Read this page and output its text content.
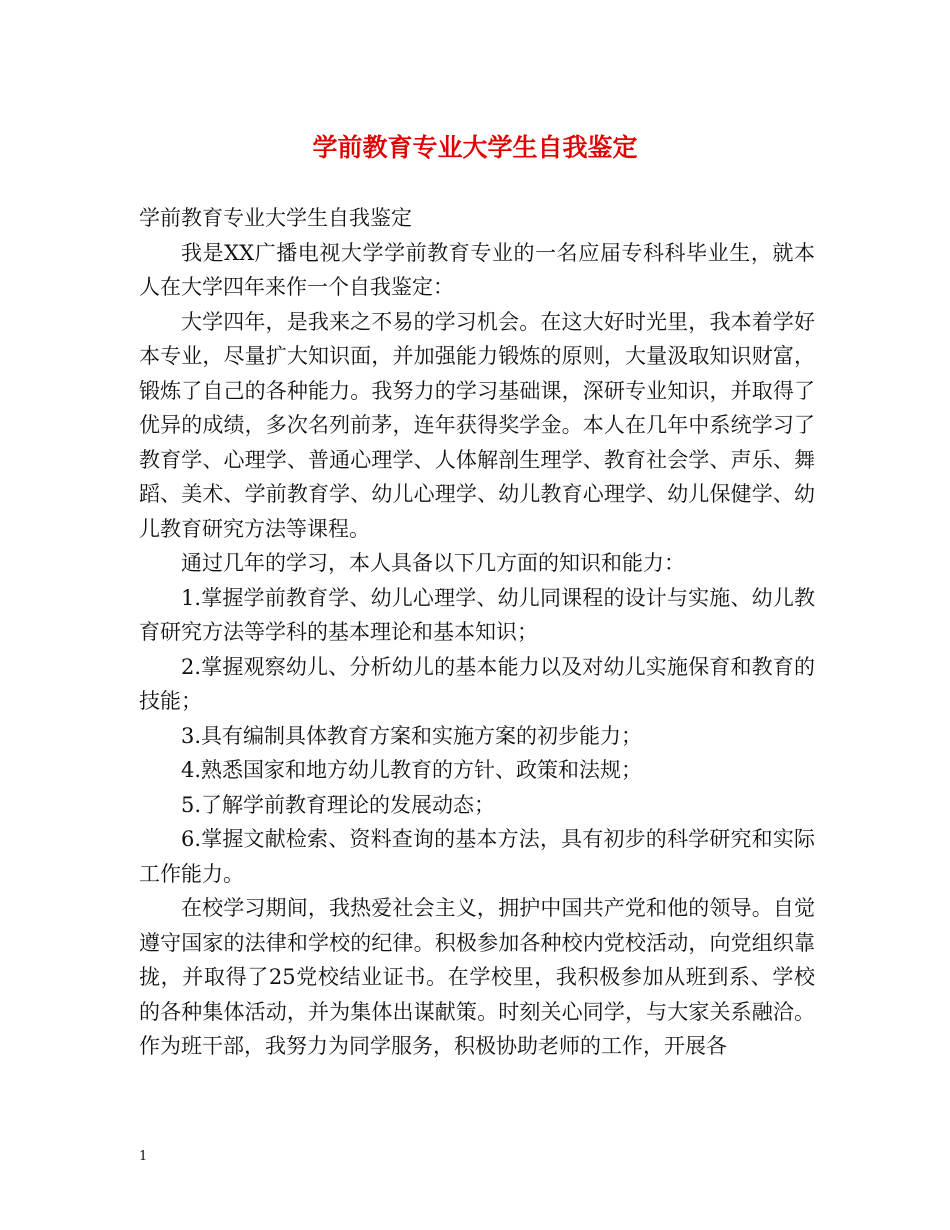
学前教育专业大学生自我鉴定

学前教育专业大学生自我鉴定

我是XX广播电视大学学前教育专业的一名应届专科科毕业生，就本人在大学四年来作一个自我鉴定：

大学四年，是我来之不易的学习机会。在这大好时光里，我本着学好本专业，尽量扩大知识面，并加强能力锻炼的原则，大量汲取知识财富，锻炼了自己的各种能力。我努力的学习基础课，深研专业知识，并取得了优异的成绩，多次名列前茅，连年获得奖学金。本人在几年中系统学习了教育学、心理学、普通心理学、人体解剖生理学、教育社会学、声乐、舞蹈、美术、学前教育学、幼儿心理学、幼儿教育心理学、幼儿保健学、幼儿教育研究方法等课程。

通过几年的学习，本人具备以下几方面的知识和能力：

1.掌握学前教育学、幼儿心理学、幼儿同课程的设计与实施、幼儿教育研究方法等学科的基本理论和基本知识；

2.掌握观察幼儿、分析幼儿的基本能力以及对幼儿实施保育和教育的技能；

3.具有编制具体教育方案和实施方案的初步能力；

4.熟悉国家和地方幼儿教育的方针、政策和法规；

5.了解学前教育理论的发展动态；

6.掌握文献检索、资料查询的基本方法，具有初步的科学研究和实际工作能力。

在校学习期间，我热爱社会主义，拥护中国共产党和他的领导。自觉遵守国家的法律和学校的纪律。积极参加各种校内党校活动，向党组织靠拢，并取得了25党校结业证书。在学校里，我积极参加从班到系、学校的各种集体活动，并为集体出谋献策。时刻关心同学，与大家关系融洽。作为班干部，我努力为同学服务，积极协助老师的工作，开展各

1
